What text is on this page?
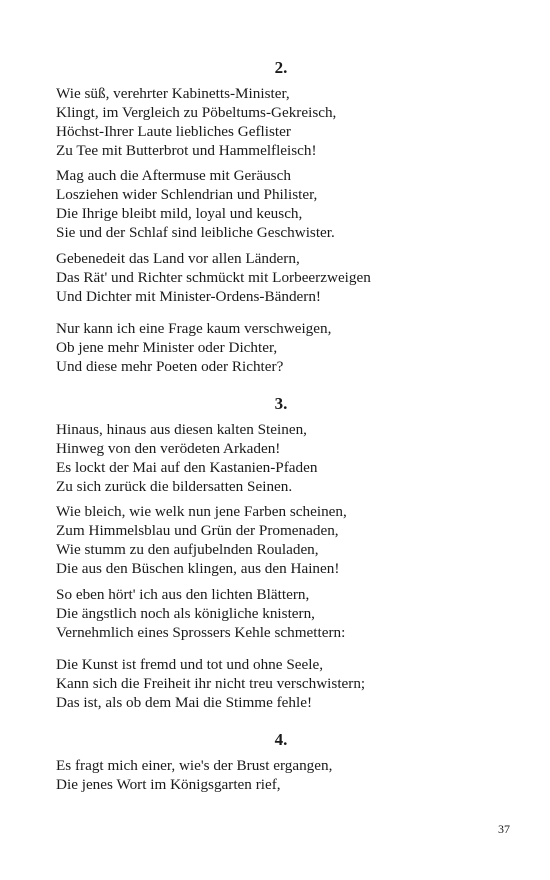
2.
Wie süß, verehrter Kabinetts-Minister,
Klingt, im Vergleich zu Pöbeltums-Gekreisch,
Höchst-Ihrer Laute liebliches Geflister
Zu Tee mit Butterbrot und Hammelfleisch!
Mag auch die Aftermuse mit Geräusch
Losziehen wider Schlendrian und Philister,
Die Ihrige bleibt mild, loyal und keusch,
Sie und der Schlaf sind leibliche Geschwister.
Gebenedeit das Land vor allen Ländern,
Das Rät' und Richter schmückt mit Lorbeerzweigen
Und Dichter mit Minister-Ordens-Bändern!
Nur kann ich eine Frage kaum verschweigen,
Ob jene mehr Minister oder Dichter,
Und diese mehr Poeten oder Richter?
3.
Hinaus, hinaus aus diesen kalten Steinen,
Hinweg von den verödeten Arkaden!
Es lockt der Mai auf den Kastanien-Pfaden
Zu sich zurück die bildersatten Seinen.
Wie bleich, wie welk nun jene Farben scheinen,
Zum Himmelsblau und Grün der Promenaden,
Wie stumm zu den aufjubelnden Rouladen,
Die aus den Büschen klingen, aus den Hainen!
So eben hört' ich aus den lichten Blättern,
Die ängstlich noch als königliche knistern,
Vernehmlich eines Sprossers Kehle schmettern:
Die Kunst ist fremd und tot und ohne Seele,
Kann sich die Freiheit ihr nicht treu verschwistern;
Das ist, als ob dem Mai die Stimme fehle!
4.
Es fragt mich einer, wie's der Brust ergangen,
Die jenes Wort im Königsgarten rief,
37
